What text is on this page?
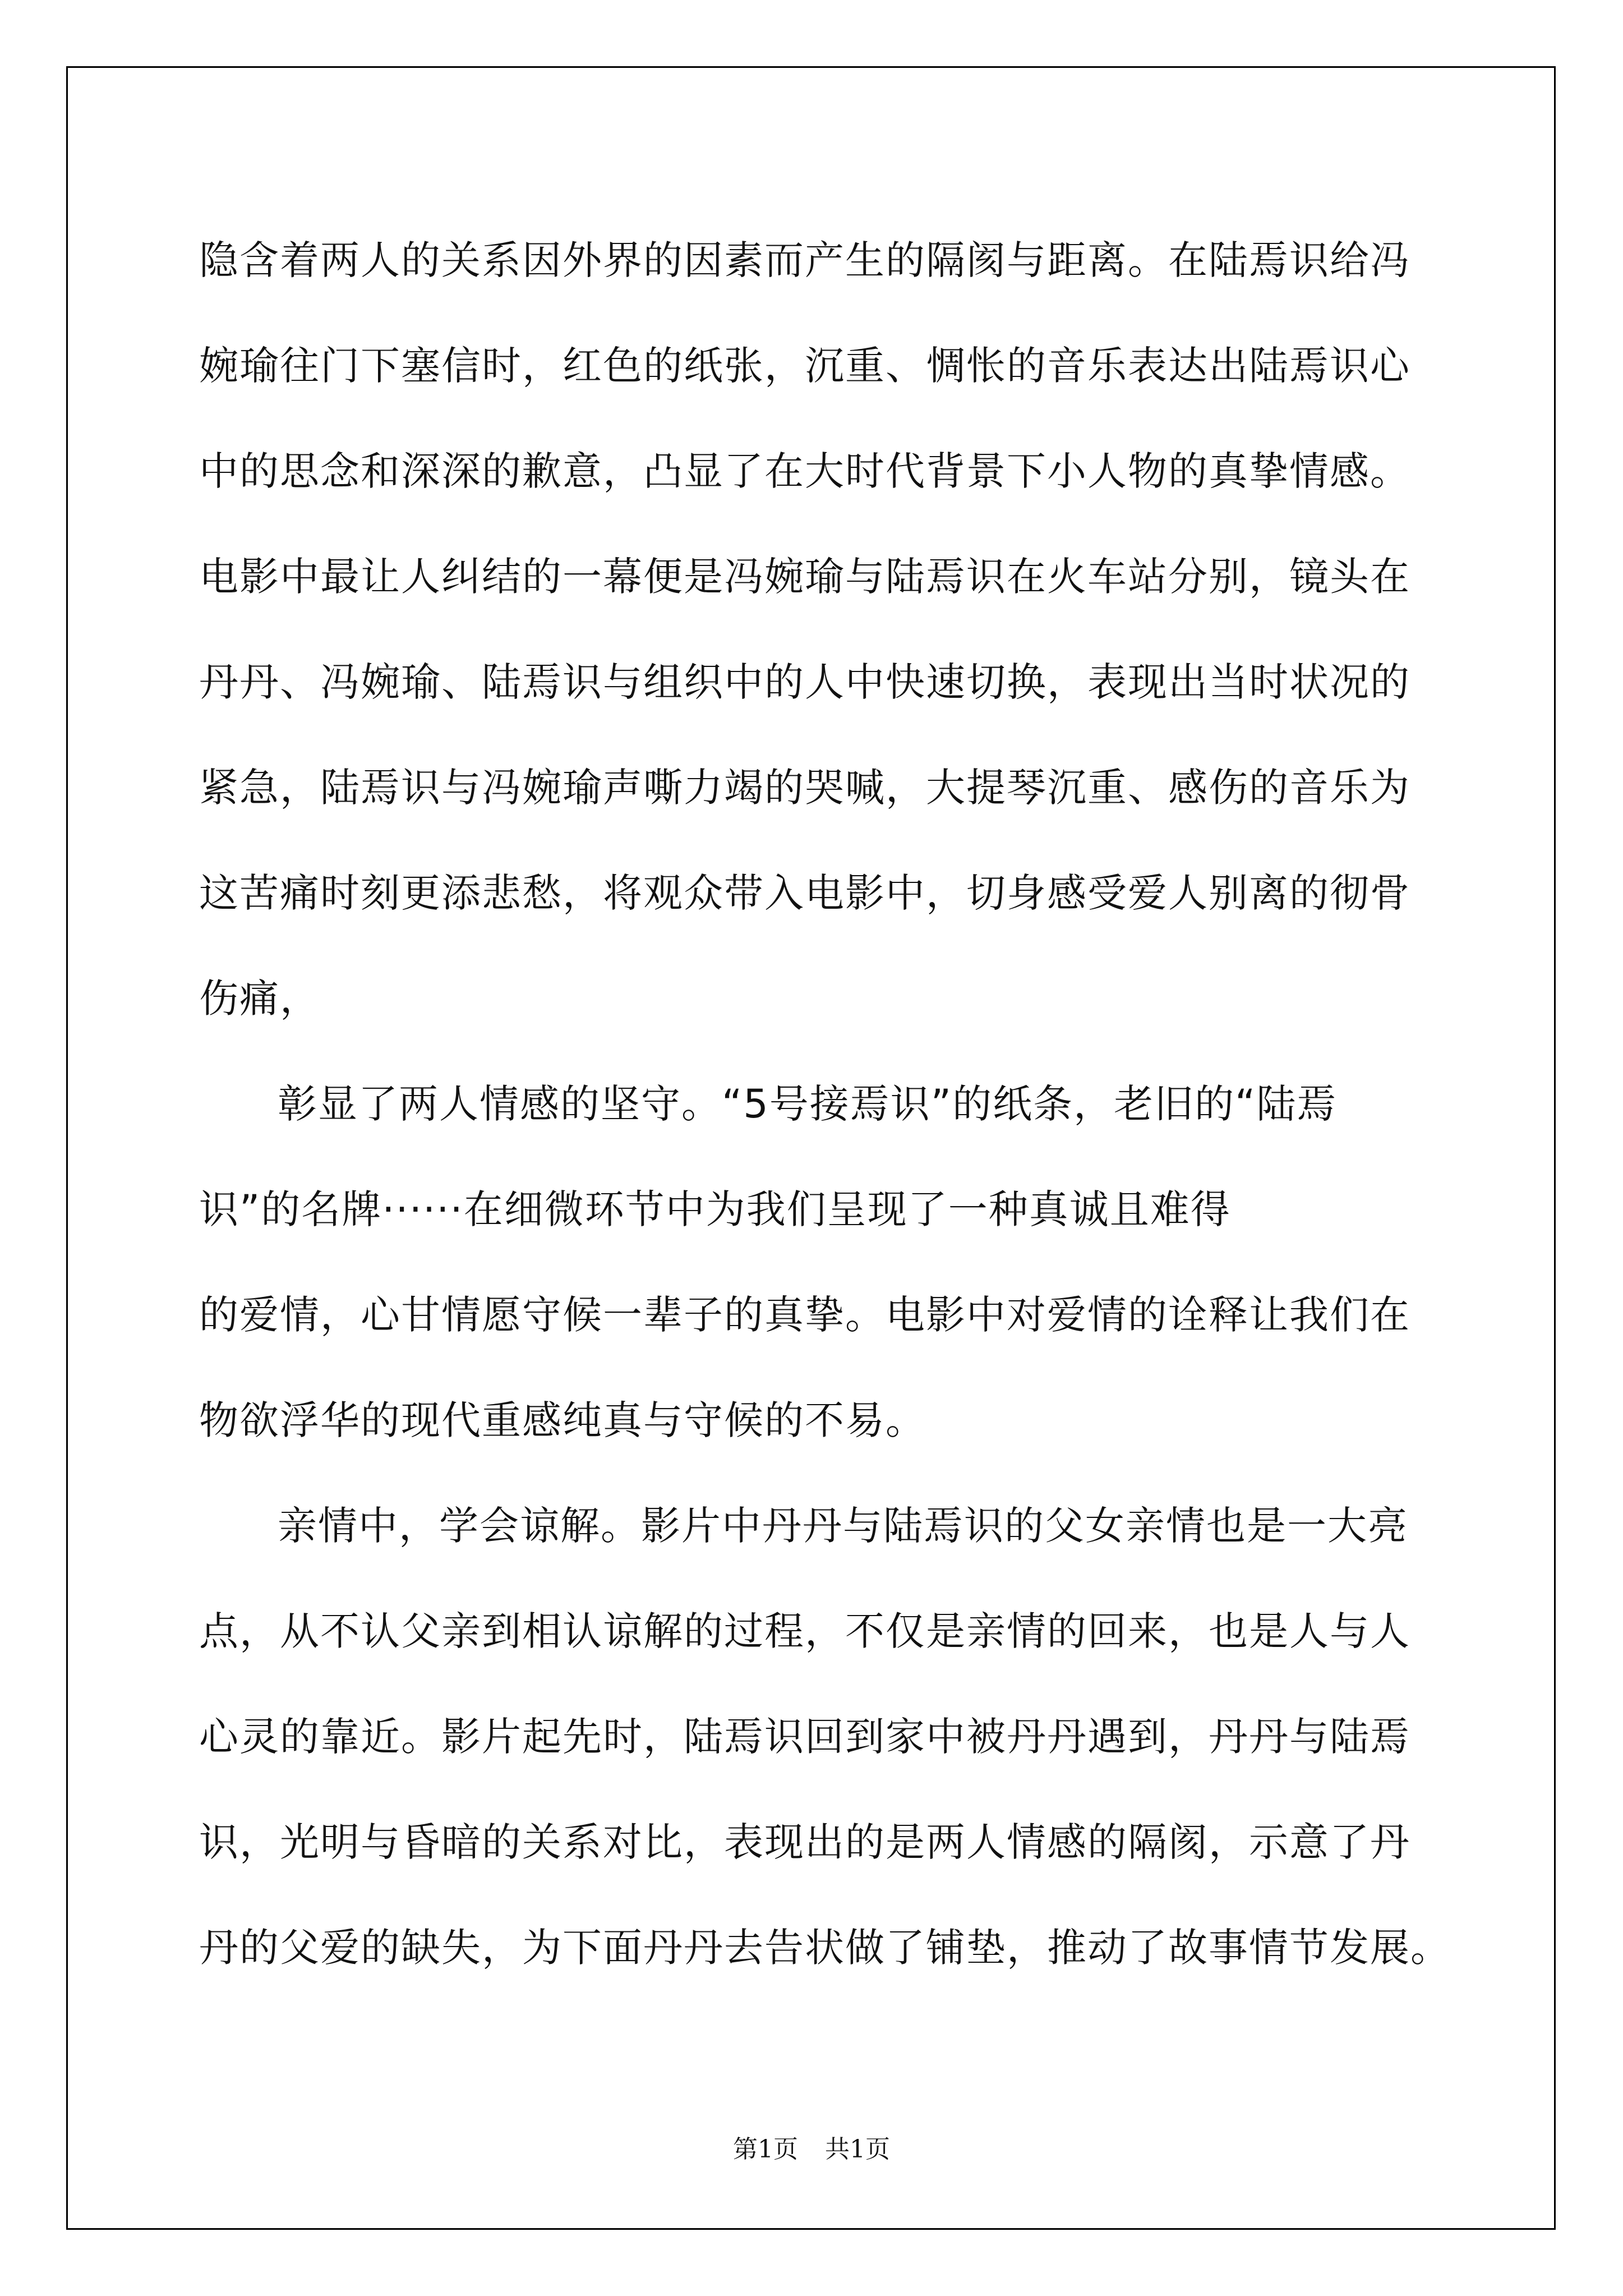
隐含着两人的关系因外界的因素而产生的隔阂与距离。在陆焉识给冯
婉瑜往门下塞信时，红色的纸张，沉重、惆怅的音乐表达出陆焉识心
中的思念和深深的歉意，凸显了在大时代背景下小人物的真挚情感。
电影中最让人纠结的一幕便是冯婉瑜与陆焉识在火车站分别，镜头在
丹丹、冯婉瑜、陆焉识与组织中的人中快速切换，表现出当时状况的
紧急，陆焉识与冯婉瑜声嘶力竭的哭喊，大提琴沉重、感伤的音乐为
这苦痛时刻更添悲愁，将观众带入电影中，切身感受爱人别离的彻骨
伤痛，
彰显了两人情感的坚守。“5号接焉识”的纸条，老旧的“陆焉
识”的名牌······在细微环节中为我们呈现了一种真诚且难得
的爱情，心甘情愿守候一辈子的真挚。电影中对爱情的诠释让我们在
物欲浮华的现代重感纯真与守候的不易。
亲情中，学会谅解。影片中丹丹与陆焉识的父女亲情也是一大亮
点，从不认父亲到相认谅解的过程，不仅是亲情的回来，也是人与人
心灵的靠近。影片起先时，陆焉识回到家中被丹丹遇到，丹丹与陆焉
识，光明与昏暗的关系对比，表现出的是两人情感的隔阂，示意了丹
丹的父爱的缺失，为下面丹丹去告状做了铺垫，推动了故事情节发展。
第1页 共1页
